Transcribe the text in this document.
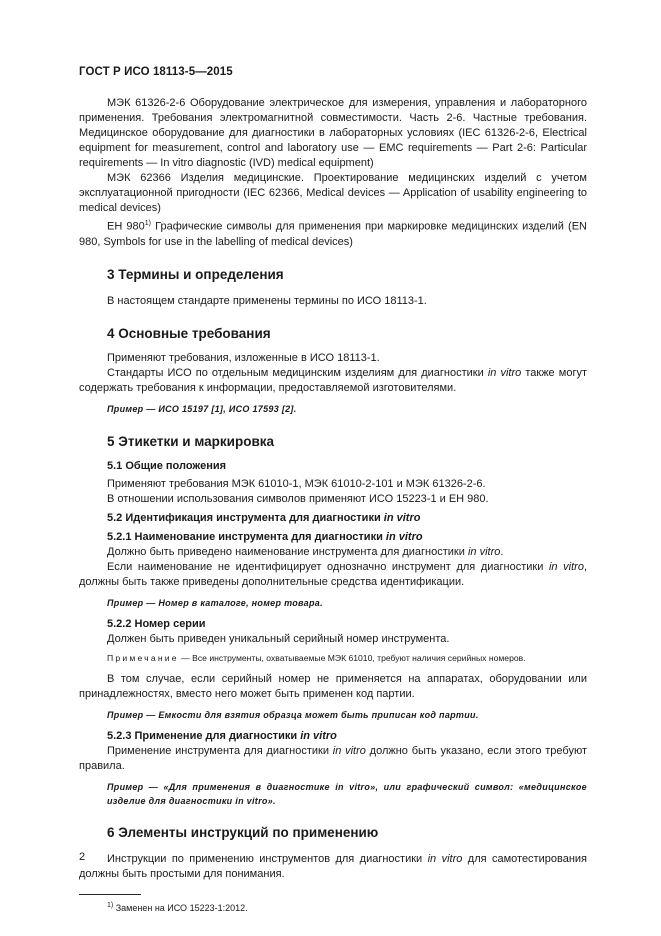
ГОСТ Р ИСО 18113-5—2015

МЭК 61326-2-6 Оборудование электрическое для измерения, управления и лабораторного применения. Требования электромагнитной совместимости. Часть 2-6. Частные требования. Медицинское оборудование для диагностики в лабораторных условиях (IEC 61326-2-6, Electrical equipment for measurement, control and laboratory use — EMC requirements — Part 2-6: Particular requirements — In vitro diagnostic (IVD) medical equipment)

МЭК 62366 Изделия медицинские. Проектирование медицинских изделий с учетом эксплуатационной пригодности (IEC 62366, Medical devices — Application of usability engineering to medical devices)

ЕН 980$^{1)}$ Графические символы для применения при маркировке медицинских изделий (EN 980, Symbols for use in the labelling of medical devices)

3 Термины и определения

В настоящем стандарте применены термины по ИСО 18113-1.

4 Основные требования

Применяют требования, изложенные в ИСО 18113-1.

Стандарты ИСО по отдельным медицинским изделиям для диагностики in vitro также могут содержать требования к информации, предоставляемой изготовителями.

Пример — ИСО 15197 [1], ИСО 17593 [2].

5 Этикетки и маркировка

5.1 Общие положения

Применяют требования МЭК 61010-1, МЭК 61010-2-101 и МЭК 61326-2-6.

В отношении использования символов применяют ИСО 15223-1 и ЕН 980.

5.2 Идентификация инструмента для диагностики in vitro

5.2.1 Наименование инструмента для диагностики in vitro

Должно быть приведено наименование инструмента для диагностики in vitro.

Если наименование не идентифицирует однозначно инструмент для диагностики in vitro, должны быть также приведены дополнительные средства идентификации.

Пример — Номер в каталоге, номер товара.

5.2.2 Номер серии

Должен быть приведен уникальный серийный номер инструмента.

Примечание — Все инструменты, охватываемые МЭК 61010, требуют наличия серийных номеров.

В том случае, если серийный номер не применяется на аппаратах, оборудовании или принадлежностях, вместо него может быть применен код партии.

Пример — Емкости для взятия образца может быть приписан код партии.

5.2.3 Применение для диагностики in vitro

Применение инструмента для диагностики in vitro должно быть указано, если этого требуют правила.

Пример — «Для применения в диагностике in vitro», или графический символ: «медицинское изделие для диагностики in vitro».

6 Элементы инструкций по применению

Инструкции по применению инструментов для диагностики in vitro для самотестирования должны быть простыми для понимания.

$^{1)}$ Заменен на ИСО 15223-1:2012.

2
